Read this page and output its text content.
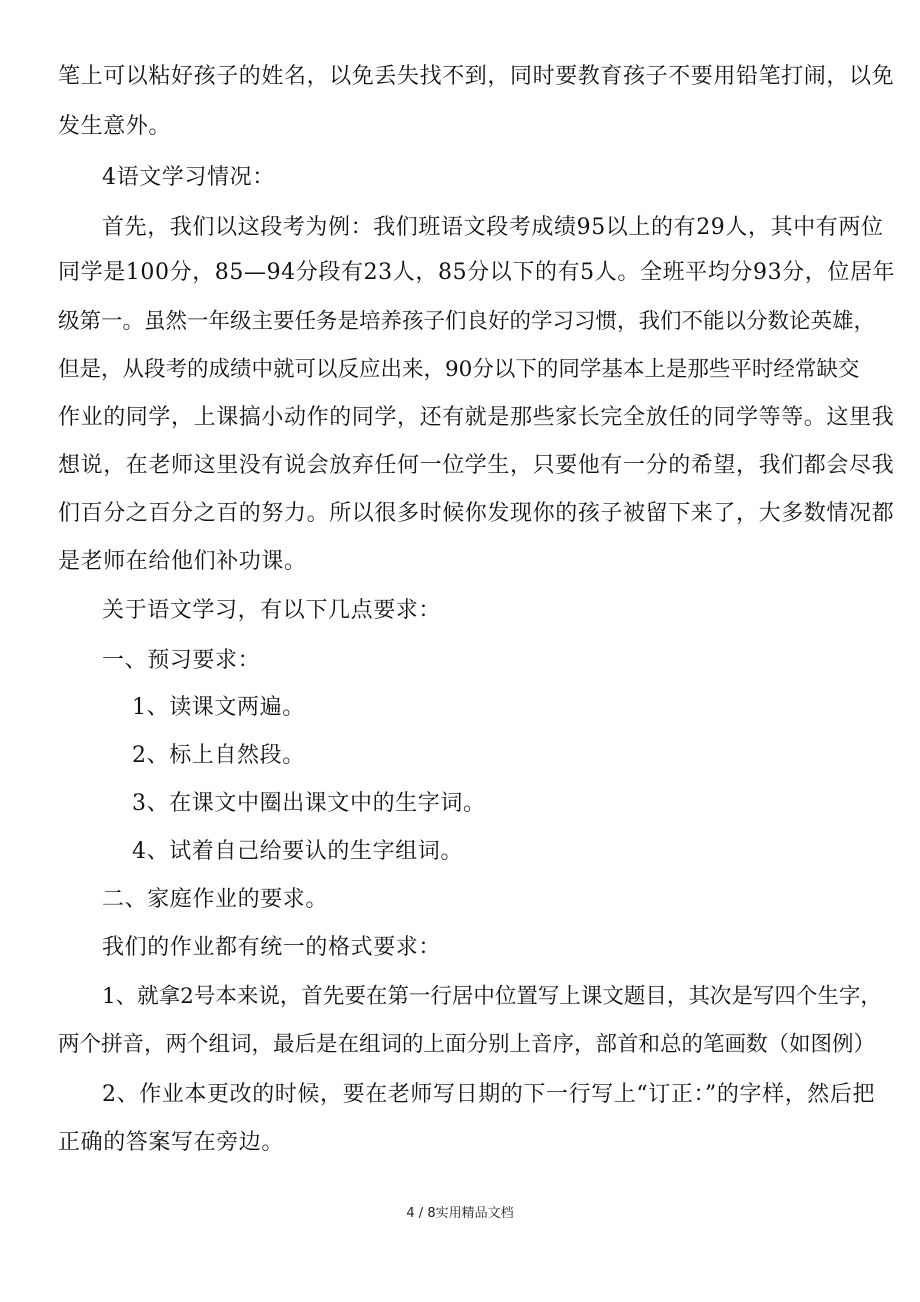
笔上可以粘好孩子的姓名，以免丢失找不到，同时要教育孩子不要用铅笔打闹，以免
发生意外。
4语文学习情况：
首先，我们以这段考为例：我们班语文段考成绩95以上的有29人，其中有两位
同学是100分，85—94分段有23人，85分以下的有5人。全班平均分93分，位居年
级第一。虽然一年级主要任务是培养孩子们良好的学习习惯，我们不能以分数论英雄，
但是，从段考的成绩中就可以反应出来，90分以下的同学基本上是那些平时经常缺交
作业的同学，上课搞小动作的同学，还有就是那些家长完全放任的同学等等。这里我
想说，在老师这里没有说会放弃任何一位学生，只要他有一分的希望，我们都会尽我
们百分之百分之百的努力。所以很多时候你发现你的孩子被留下来了，大多数情况都
是老师在给他们补功课。
关于语文学习，有以下几点要求：
一、预习要求：
1、读课文两遍。
2、标上自然段。
3、在课文中圈出课文中的生字词。
4、试着自己给要认的生字组词。
二、家庭作业的要求。
我们的作业都有统一的格式要求：
1、就拿2号本来说，首先要在第一行居中位置写上课文题目，其次是写四个生字，
两个拼音，两个组词，最后是在组词的上面分别上音序，部首和总的笔画数（如图例）
2、作业本更改的时候，要在老师写日期的下一行写上“订正：”的字样，然后把
正确的答案写在旁边。
4 / 8实用精品文档
